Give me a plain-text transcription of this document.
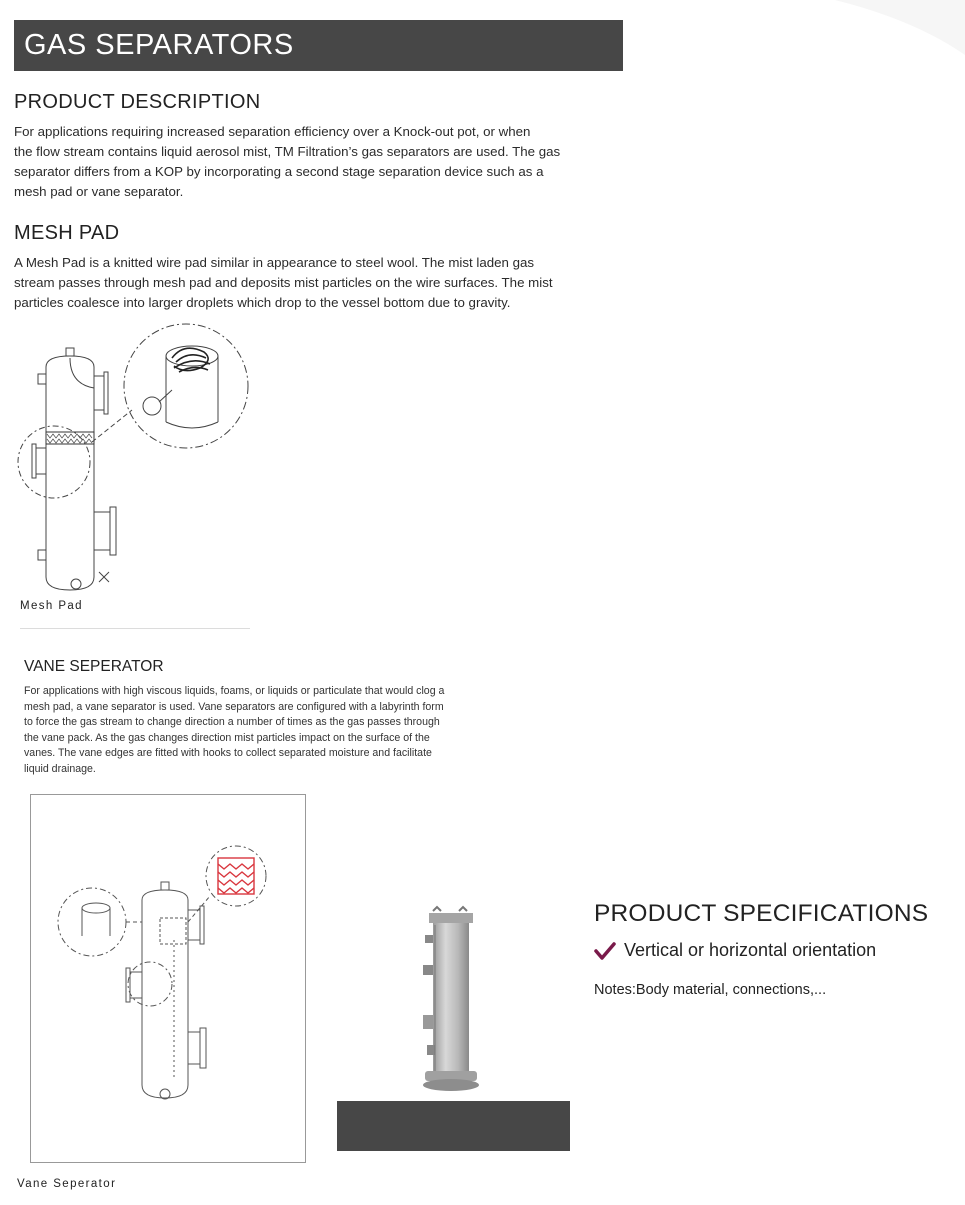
GAS SEPARATORS
PRODUCT DESCRIPTION
For applications requiring increased separation efficiency over a Knock-out pot, or when
the flow stream contains liquid aerosol mist, TM Filtration’s gas separators are used. The gas
separator differs from a KOP by incorporating a second stage separation device such as a
mesh pad or vane separator.
MESH PAD
A Mesh Pad is a knitted wire pad similar in appearance to steel wool. The mist laden gas
stream passes through mesh pad and deposits mist particles on the wire surfaces. The mist
particles coalesce into larger droplets which drop to the vessel bottom due to gravity.
Mesh Pad
VANE SEPERATOR
For applications with high viscous liquids, foams, or liquids or particulate that would clog a
mesh pad, a vane separator is used. Vane separators are configured with a labyrinth form
to force the gas stream to change direction a number of times as the gas passes through
the vane pack. As the gas changes direction mist particles impact on the surface of the
vanes. The vane edges are fitted with hooks to collect separated moisture and facilitate
liquid drainage.
Vane Seperator
PRODUCT SPECIFICATIONS
Vertical or horizontal orientation
Notes:Body material, connections,...
